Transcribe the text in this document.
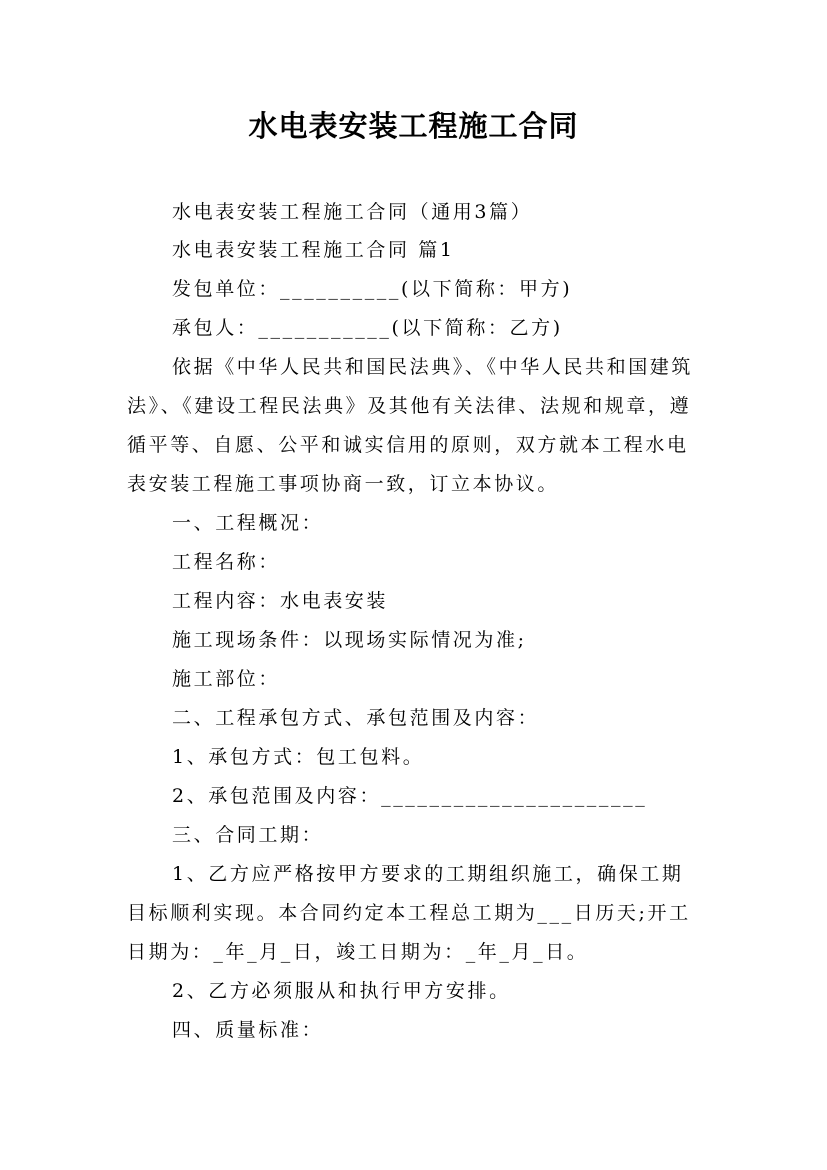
水电表安装工程施工合同

水电表安装工程施工合同（通用3篇）

水电表安装工程施工合同 篇1

发包单位：__________(以下简称：甲方)

承包人：___________(以下简称：乙方)

依据《中华人民共和国民法典》、《中华人民共和国建筑

法》、《建设工程民法典》及其他有关法律、法规和规章，遵

循平等、自愿、公平和诚实信用的原则，双方就本工程水电

表安装工程施工事项协商一致，订立本协议。

一、工程概况：

工程名称：

工程内容：水电表安装

施工现场条件：以现场实际情况为准;

施工部位：

二、工程承包方式、承包范围及内容：

1、承包方式：包工包料。

2、承包范围及内容：______________________

三、合同工期：

1、乙方应严格按甲方要求的工期组织施工，确保工期

目标顺利实现。本合同约定本工程总工期为___日历天;开工

日期为：_年_月_日，竣工日期为：_年_月_日。

2、乙方必须服从和执行甲方安排。

四、质量标准：
